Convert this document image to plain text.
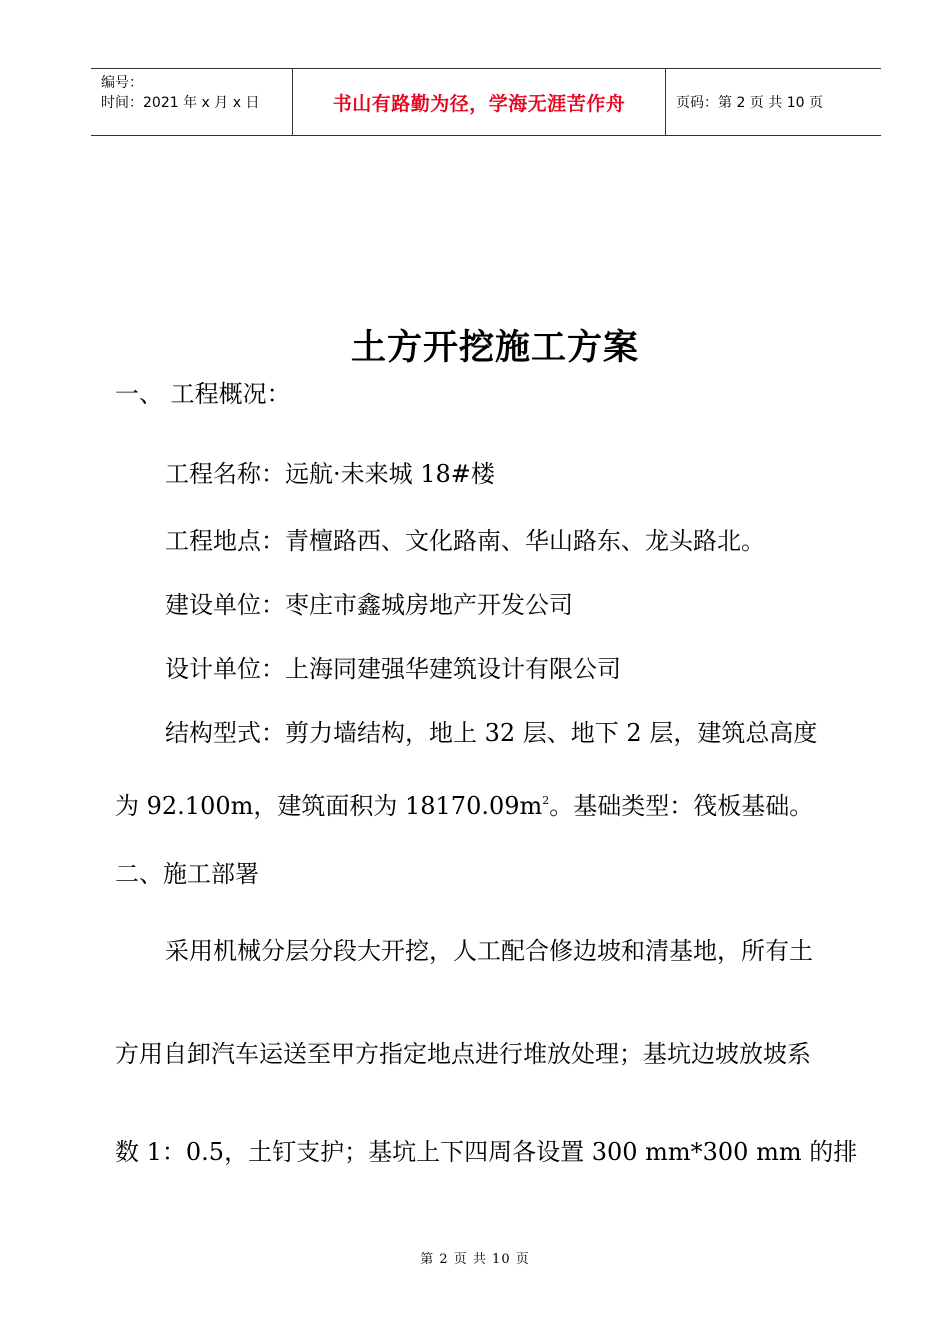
编号：
时间：2021 年 x 月 x 日	书山有路勤为径，学海无涯苦作舟	页码：第 2 页 共 10 页
土方开挖施工方案
一、 工程概况：
工程名称：远航·未来城 18#楼
工程地点：青檀路西、文化路南、华山路东、龙头路北。
建设单位：枣庄市鑫城房地产开发公司
设计单位：上海同建强华建筑设计有限公司
结构型式：剪力墙结构，地上 32 层、地下 2 层，建筑总高度
为 92.100m，建筑面积为 $18170.09m^2$。基础类型：筏板基础。
二、施工部署
采用机械分层分段大开挖，人工配合修边坡和清基地，所有土
方用自卸汽车运送至甲方指定地点进行堆放处理；基坑边坡放坡系
数 1：0.5，土钉支护；基坑上下四周各设置 300 mm*300 mm 的排
第 2 页 共 10 页
